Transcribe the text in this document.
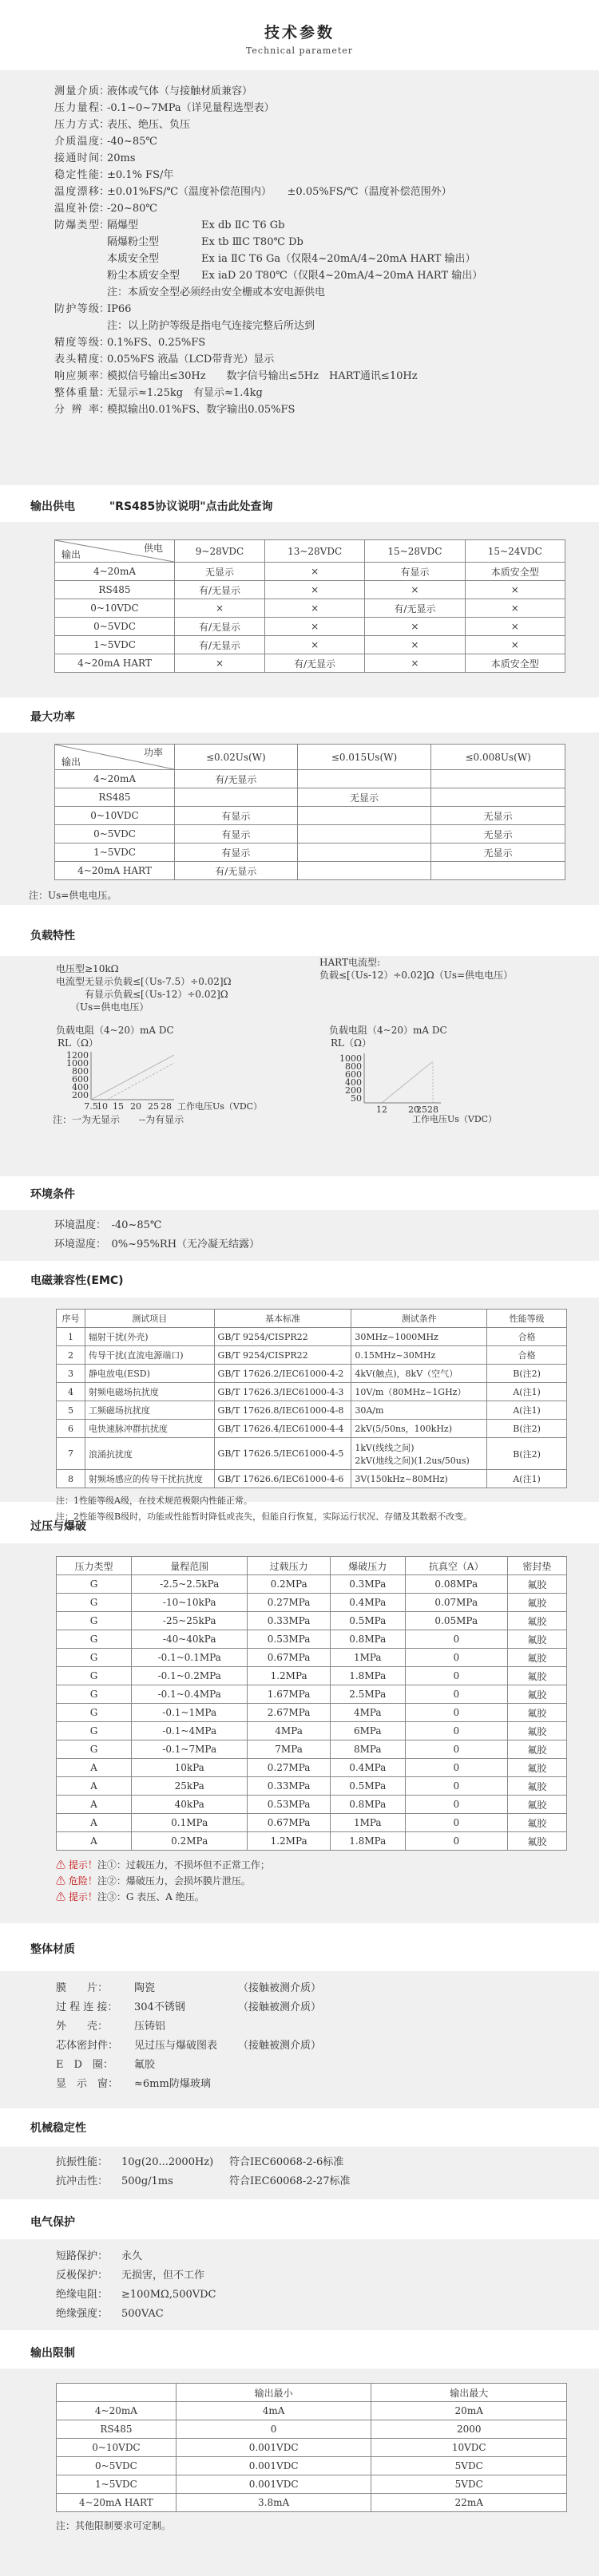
技术参数
Technical parameter
测量介质 ：
液体或气体（与接触材质兼容）
压力量程 ：
-0.1~0~7MPa（详见量程选型表）
压力方式 ：
表压、绝压、负压
介质温度 ：
-40~85℃
接通时间 ：
20ms
稳定性能 ：
±0.1% FS/年
温度漂移 ：
±0.01%FS/℃（温度补偿范围内）　　±0.05%FS/℃（温度补偿范围外）
温度补偿 ：
-20~80℃
防爆类型 ：
隔爆型	Ex db ⅡC T6 Gb
隔爆粉尘型	Ex tb ⅢC T80℃ Db
本质安全型	Ex ia ⅡC T6 Ga（仅限4~20mA/4~20mA HART 输出）
粉尘本质安全型	Ex iaD 20 T80℃（仅限4~20mA/4~20mA HART 输出）
注：本质安全型必须经由安全栅或本安电源供电
防护等级 ：
IP66
注：以上防护等级是指电气连接完整后所达到
精度等级 ：
0.1%FS、0.25%FS
表头精度 ：
0.05%FS 液晶（LCD带背光）显示
响应频率 ：
模拟信号输出≤30Hz　　数字信号输出≤5Hz　HART通讯≤10Hz
整体重量 ：
无显示≈1.25kg　有显示≈1.4kg
分 辨 率 ：
模拟输出0.01%FS、数字输出0.05%FS
输出供电	"RS485协议说明"点击此处查询
供电
输出	9~28VDC	13~28VDC	15~28VDC	15~24VDC
4~20mA	无显示	×	有显示	本质安全型
RS485	有/无显示	×	×	×
0~10VDC	×	×	有/无显示	×
0~5VDC	有/无显示	×	×	×
1~5VDC	有/无显示	×	×	×
4~20mA HART	×	有/无显示	×	本质安全型
最大功率
功率
输出	≤0.02Us(W)	≤0.015Us(W)	≤0.008Us(W)
4~20mA	有/无显示		
RS485		无显示	
0~10VDC	有显示		无显示
0~5VDC	有显示		无显示
1~5VDC	有显示		无显示
4~20mA HART	有/无显示		
注：Us=供电电压。
负载特性
电压型≥10kΩ
电流型无显示负载≤[（Us-7.5）÷0.02]Ω
　　　有显示负载≤[（Us-12）÷0.02]Ω
　　（Us=供电电压）
HART电流型:
负载≤[（Us-12）÷0.02]Ω（Us=供电电压）
负载电阻（4~20）mA DC
RL（Ω）
1200
1000
800
600
400
200
7.5
10 15 20 25 28 工作电压Us（VDC）
注：一为无显示　　--为有显示
负载电阻（4~20）mA DC
RL（Ω）
1000
800
600
400
200
50
12 20 28
25
工作电压Us（VDC）
环境条件
环境温度：　-40~85℃
环境湿度：　0%~95%RH（无冷凝无结露）
电磁兼容性(EMC)
序号	测试项目	基本标准	测试条件	性能等级
1	辐射干扰(外壳)	GB/T 9254/CISPR22	30MHz~1000MHz	合格
2	传导干扰(直流电源端口)	GB/T 9254/CISPR22	0.15MHz~30MHz	合格
3	静电放电(ESD)	GB/T 17626.2/IEC61000-4-2	4kV(触点)，8kV（空气）	B(注2)
4	射频电磁场抗扰度	GB/T 17626.3/IEC61000-4-3	10V/m（80MHz~1GHz）	A(注1)
5	工频磁场抗扰度	GB/T 17626.8/IEC61000-4-8	30A/m	A(注1)
6	电快速脉冲群抗扰度	GB/T 17626.4/IEC61000-4-4	2kV(5/50ns，100kHz)	B(注2)
7	浪涌抗扰度	GB/T 17626.5/IEC61000-4-5	1kV(线线之间)
2kV(地线之间)(1.2us/50us)	B(注2)
8	射频场感应的传导干扰抗扰度	GB/T 17626.6/IEC61000-4-6	3V(150kHz~80MHz)	A(注1)
注：1性能等级A级，在技术规范极限内性能正常。
注：2性能等级B级时，功能或性能暂时降低或丧失，但能自行恢复，实际运行状况、存储及其数据不改变。
过压与爆破
压力类型	量程范围	过载压力	爆破压力	抗真空（A）	密封垫
G	-2.5~2.5kPa	0.2MPa	0.3MPa	0.08MPa	氟胶
G	-10~10kPa	0.27MPa	0.4MPa	0.07MPa	氟胶
G	-25~25kPa	0.33MPa	0.5MPa	0.05MPa	氟胶
G	-40~40kPa	0.53MPa	0.8MPa	0	氟胶
G	-0.1~0.1MPa	0.67MPa	1MPa	0	氟胶
G	-0.1~0.2MPa	1.2MPa	1.8MPa	0	氟胶
G	-0.1~0.4MPa	1.67MPa	2.5MPa	0	氟胶
G	-0.1~1MPa	2.67MPa	4MPa	0	氟胶
G	-0.1~4MPa	4MPa	6MPa	0	氟胶
G	-0.1~7MPa	7MPa	8MPa	0	氟胶
A	10kPa	0.27MPa	0.4MPa	0	氟胶
A	25kPa	0.33MPa	0.5MPa	0	氟胶
A	40kPa	0.53MPa	0.8MPa	0	氟胶
A	0.1MPa	0.67MPa	1MPa	0	氟胶
A	0.2MPa	1.2MPa	1.8MPa	0	氟胶
⚠ 提示！注①：过载压力，不损坏但不正常工作；
⚠ 危险！注②：爆破压力，会损坏膜片泄压。
⚠ 提示！注③：G 表压、A 绝压。
整体材质
膜　　片：	陶瓷	（接触被测介质）
过 程 连 接：	304不锈钢	（接触被测介质）
外　　壳：	压铸铝
芯体密封件：	见过压与爆破图表	（接触被测介质）
E　D　圈：	氟胶
显　示　窗：	≈6mm防爆玻璃
机械稳定性
抗振性能：	10g(20...2000Hz)	符合IEC60068-2-6标准
抗冲击性：	500g/1ms	符合IEC60068-2-27标准
电气保护
短路保护：	永久
反极保护：	无损害，但不工作
绝缘电阻：	≥100MΩ,500VDC
绝缘强度：	500VAC
输出限制
	输出最小	输出最大
4~20mA	4mA	20mA
RS485	0	2000
0~10VDC	0.001VDC	10VDC
0~5VDC	0.001VDC	5VDC
1~5VDC	0.001VDC	5VDC
4~20mA HART	3.8mA	22mA
注：其他限制要求可定制。
